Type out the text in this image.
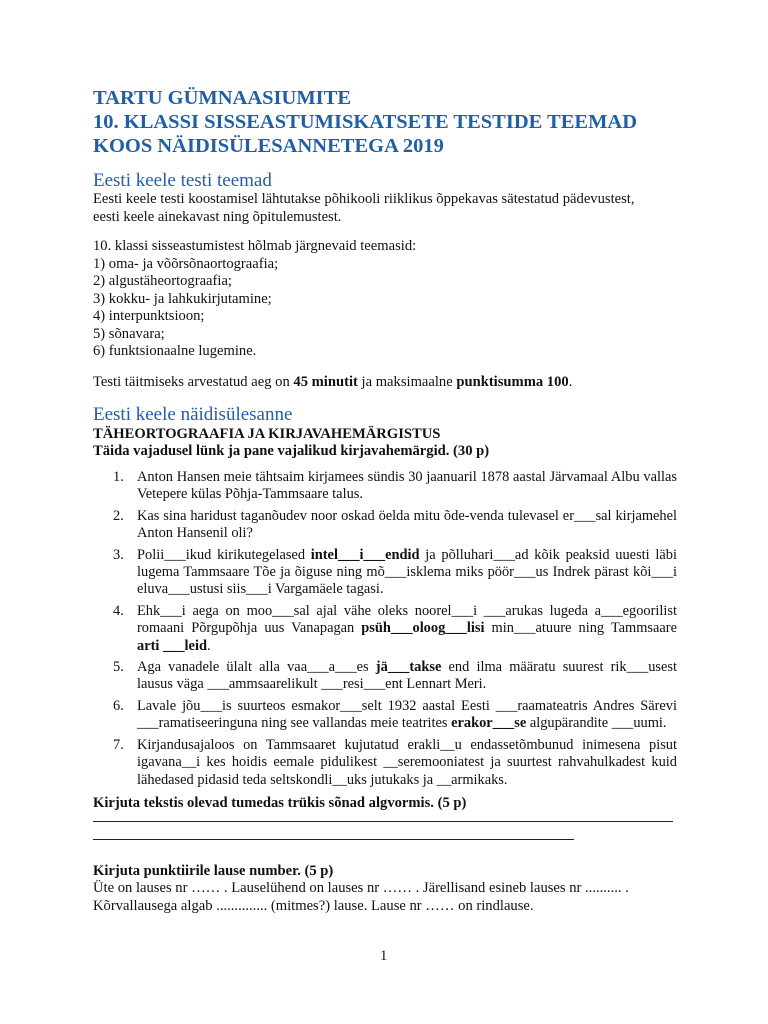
TARTU GÜMNAASIUMITE
10. KLASSI SISSEASTUMISKATSETE TESTIDE TEEMAD
KOOS NÄIDISÜLESANNETEGA 2019
Eesti keele testi teemad
Eesti keele testi koostamisel lähtutakse põhikooli riiklikus õppekavas sätestatud pädevustest,
eesti keele ainekavast ning õpitulemustest.
10. klassi sisseastumistest hõlmab järgnevaid teemasid:
1) oma- ja võõrsõnaortograafia;
2) algustäheortograafia;
3) kokku- ja lahkukirjutamine;
4) interpunktsioon;
5) sõnavara;
6) funktsionaalne lugemine.
Testi täitmiseks arvestatud aeg on 45 minutit ja maksimaalne punktisumma 100.
Eesti keele näidisülesanne
TÄHEORTOGRAAFIA JA KIRJAVAHEMÄRGISTUS
Täida vajadusel lünk ja pane vajalikud kirjavahemärgid. (30 p)
1. Anton Hansen meie tähtsaim kirjamees sündis 30 jaanuaril 1878 aastal Järvamaal Albu vallas Vetepere külas Põhja-Tammsaare talus.
2. Kas sina haridust taganõudev noor oskad öelda mitu õde-venda tulevasel er___sal kirjamehel Anton Hansenil oli?
3. Polii___ikud kirikutegelased intel___i___endid ja põlluhari___ad kõik peaksid uuesti läbi lugema Tammsaare Tõe ja õiguse ning mõ___isklema miks pöör___us Indrek pärast kõi___i eluva___ustusi siis___i Vargamäele tagasi.
4. Ehk___i aega on moo___sal ajal vähe oleks noorel___i ___arukas lugeda a___egoorilist romaani Põrgupõhja uus Vanapagan psüh___oloog___lisi min___atuure ning Tammsaare arti ___leid.
5. Aga vanadele ülalt alla vaa___a___es jä___takse end ilma määratu suurest rik___usest lausus väga ___ammsaarelikult ___resi___ent Lennart Meri.
6. Lavale jõu___is suurteos esmakor___selt 1932 aastal Eesti ___raamateatris Andres Särevi ___ramatiseeringuna ning see vallandas meie teatrites erakor___se algupärandite ___uumi.
7. Kirjandusajaloos on Tammsaaret kujutatud erakli__u endassetõmbunud inimesena pisut igavana__i kes hoidis eemale pidulikest __seremooniatest ja suurtest rahvahulkadest kuid lähedased pidasid teda seltskondli__uks jutukaks ja __armikaks.
Kirjuta tekstis olevad tumedas trükis sõnad algvormis. (5 p)
Kirjuta punktiirile lause number. (5 p)
Üte on lauses nr …… . Lauselühend on lauses nr …… . Järellisand esineb lauses nr .......... .
Kõrvallausega algab .............. (mitmes?) lause. Lause nr …… on rindlause.
1
